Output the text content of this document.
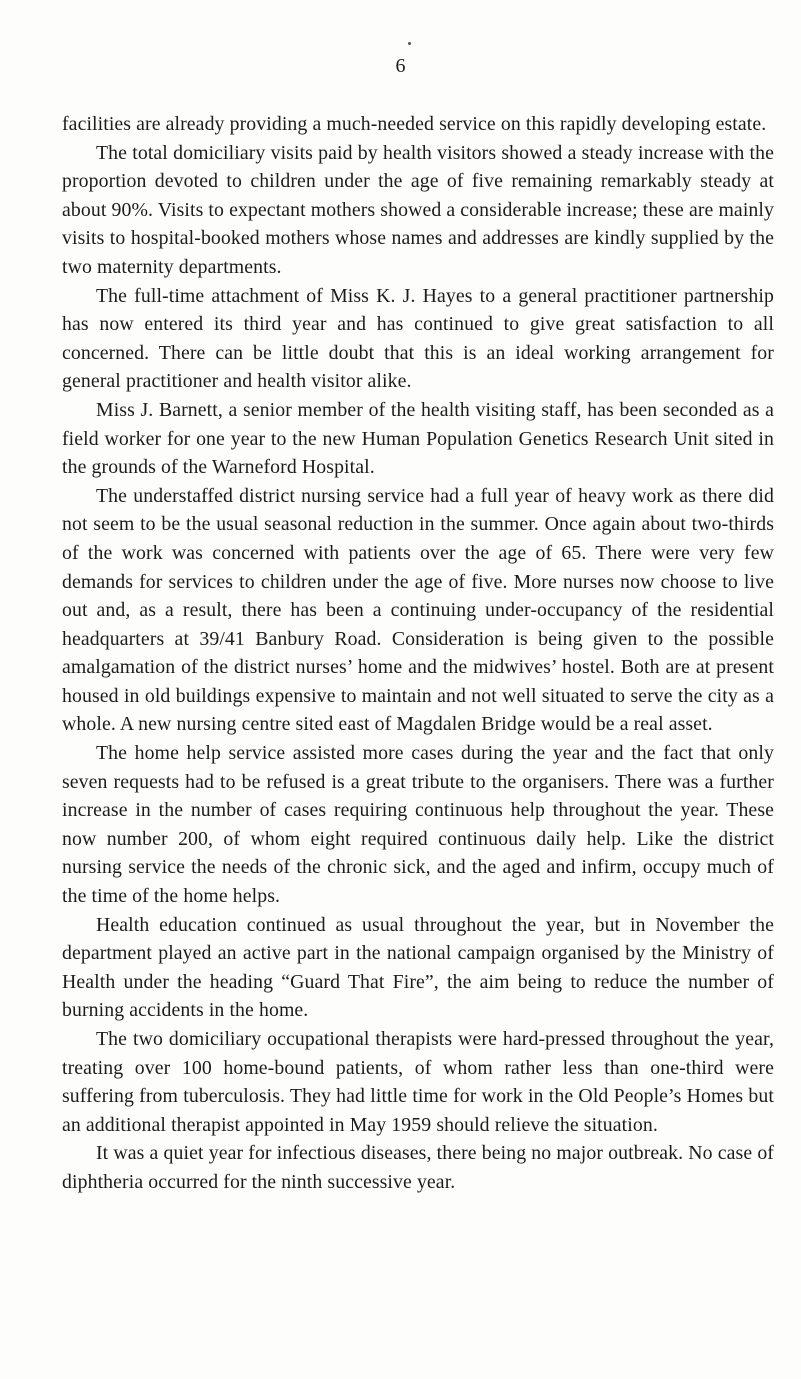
6

facilities are already providing a much-needed service on this rapidly developing estate.

The total domiciliary visits paid by health visitors showed a steady increase with the proportion devoted to children under the age of five remaining remarkably steady at about 90%. Visits to expectant mothers showed a considerable increase; these are mainly visits to hospital-booked mothers whose names and addresses are kindly supplied by the two maternity departments.

The full-time attachment of Miss K. J. Hayes to a general practitioner partnership has now entered its third year and has continued to give great satisfaction to all concerned. There can be little doubt that this is an ideal working arrangement for general practitioner and health visitor alike.

Miss J. Barnett, a senior member of the health visiting staff, has been seconded as a field worker for one year to the new Human Population Genetics Research Unit sited in the grounds of the Warneford Hospital.

The understaffed district nursing service had a full year of heavy work as there did not seem to be the usual seasonal reduction in the summer. Once again about two-thirds of the work was concerned with patients over the age of 65. There were very few demands for services to children under the age of five. More nurses now choose to live out and, as a result, there has been a continuing under-occupancy of the residential headquarters at 39/41 Banbury Road. Consideration is being given to the possible amalgamation of the district nurses’ home and the midwives’ hostel. Both are at present housed in old buildings expensive to maintain and not well situated to serve the city as a whole. A new nursing centre sited east of Magdalen Bridge would be a real asset.

The home help service assisted more cases during the year and the fact that only seven requests had to be refused is a great tribute to the organisers. There was a further increase in the number of cases requiring continuous help throughout the year. These now number 200, of whom eight required continuous daily help. Like the district nursing service the needs of the chronic sick, and the aged and infirm, occupy much of the time of the home helps.

Health education continued as usual throughout the year, but in November the department played an active part in the national campaign organised by the Ministry of Health under the heading “Guard That Fire”, the aim being to reduce the number of burning accidents in the home.

The two domiciliary occupational therapists were hard-pressed throughout the year, treating over 100 home-bound patients, of whom rather less than one-third were suffering from tuberculosis. They had little time for work in the Old People’s Homes but an additional therapist appointed in May 1959 should relieve the situation.

It was a quiet year for infectious diseases, there being no major outbreak. No case of diphtheria occurred for the ninth successive year.
